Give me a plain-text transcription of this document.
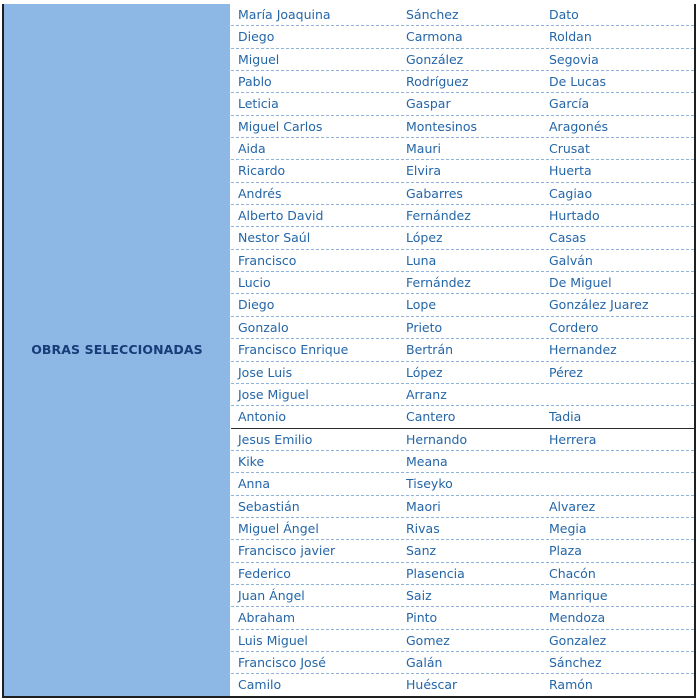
OBRAS SELECCIONADAS
María Joaquina	Sánchez	Dato
Diego	Carmona	Roldan
Miguel	González	Segovia
Pablo	Rodríguez	De Lucas
Leticia	Gaspar	García
Miguel Carlos	Montesinos	Aragonés
Aida	Mauri	Crusat
Ricardo	Elvira	Huerta
Andrés	Gabarres	Cagiao
Alberto David	Fernández	Hurtado
Nestor Saúl	López	Casas
Francisco	Luna	Galván
Lucio	Fernández	De Miguel
Diego	Lope	González Juarez
Gonzalo	Prieto	Cordero
Francisco Enrique	Bertrán	Hernandez
Jose Luis	López	Pérez
Jose Miguel	Arranz
Antonio	Cantero	Tadia
Jesus Emilio	Hernando	Herrera
Kike	Meana
Anna	Tiseyko
Sebastián	Maori	Alvarez
Miguel Ángel	Rivas	Megia
Francisco javier	Sanz	Plaza
Federico	Plasencia	Chacón
Juan Ángel	Saiz	Manrique
Abraham	Pinto	Mendoza
Luis Miguel	Gomez	Gonzalez
Francisco José	Galán	Sánchez
Camilo	Huéscar	Ramón
